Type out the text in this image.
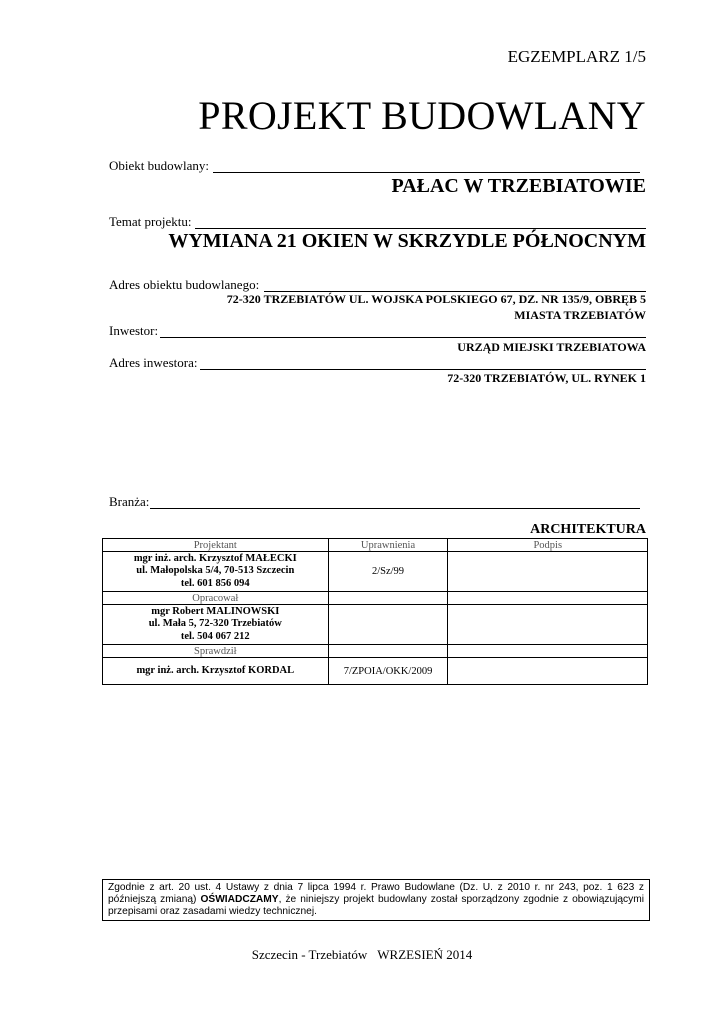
EGZEMPLARZ 1/5
PROJEKT BUDOWLANY
Obiekt budowlany:
PAŁAC W TRZEBIATOWIE
Temat projektu:
WYMIANA 21 OKIEN W SKRZYDLE PÓŁNOCNYM
Adres obiektu budowlanego:
72-320 TRZEBIATÓW UL. WOJSKA POLSKIEGO 67, DZ. NR 135/9, OBRĘB 5
MIASTA TRZEBIATÓW
Inwestor:
URZĄD MIEJSKI TRZEBIATOWA
Adres inwestora:
72-320 TRZEBIATÓW, UL. RYNEK 1
Branża:
ARCHITEKTURA
Projektant	Uprawnienia	Podpis

mgr inż. arch. Krzysztof MAŁECKI
ul. Małopolska 5/4, 70-513 Szczecin
tel. 601 856 094	2/Sz/99	
Opracował		

mgr Robert MALINOWSKI
ul. Mała 5, 72-320 Trzebiatów
tel. 504 067 212		

Sprawdził		
mgr inż. arch. Krzysztof KORDAL	7/ZPOIA/OKK/2009	
Zgodnie z art. 20 ust. 4 Ustawy z dnia 7 lipca 1994 r. Prawo Budowlane (Dz. U. z 2010 r. nr 243, poz. 1 623 z późniejszą zmianą) OŚWIADCZAMY, że niniejszy projekt budowlany został sporządzony zgodnie z obowiązującymi przepisami oraz zasadami wiedzy technicznej.
Szczecin - Trzebiatów WRZESIEŃ 2014
